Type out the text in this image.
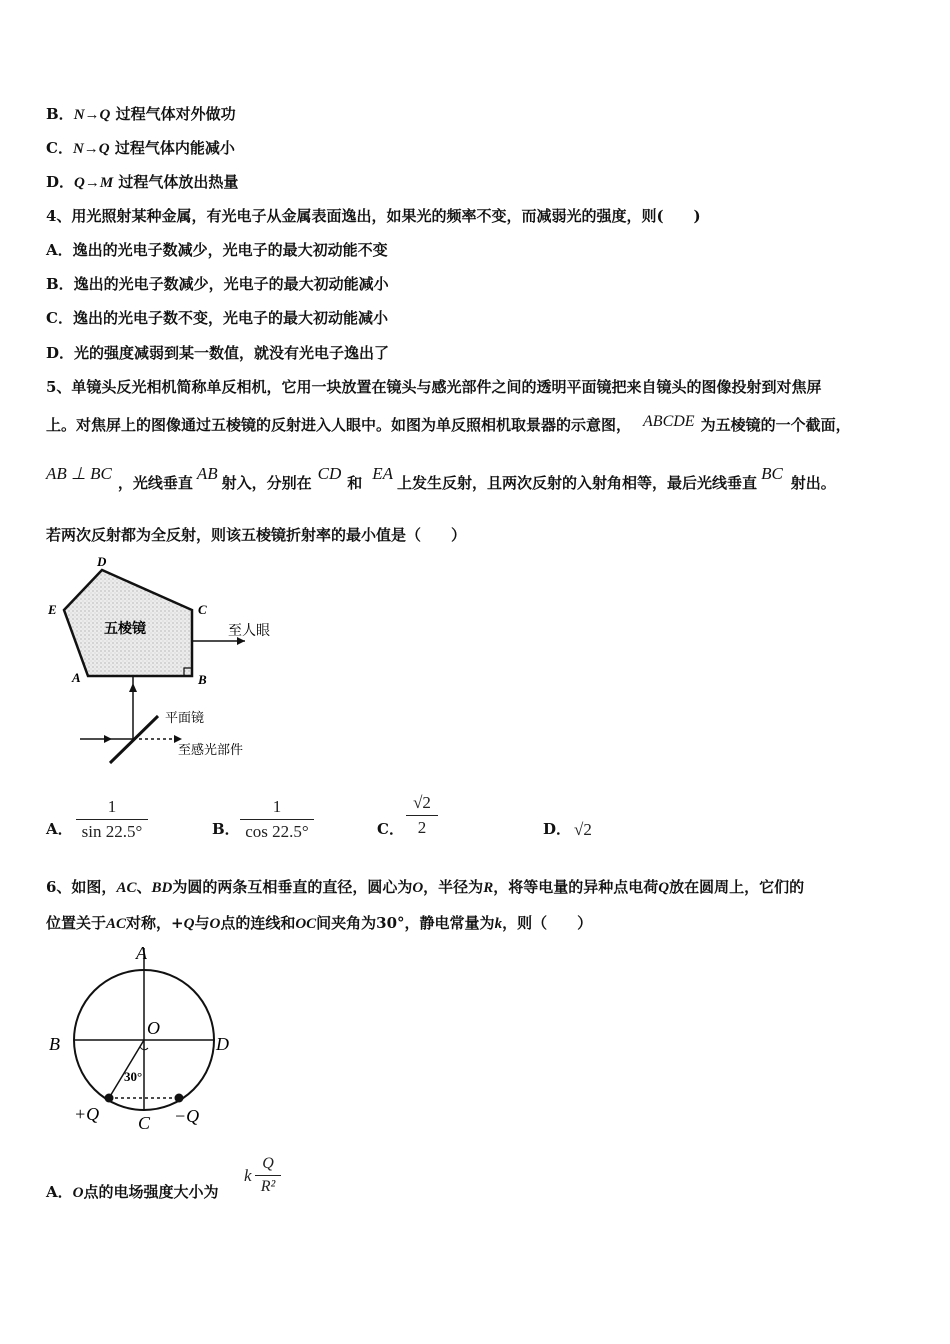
B．N→Q 过程气体对外做功
C．N→Q 过程气体内能减小
D．Q→M 过程气体放出热量
4、用光照射某种金属，有光电子从金属表面逸出，如果光的频率不变，而减弱光的强度，则(　　)
A．逸出的光电子数减少，光电子的最大初动能不变
B．逸出的光电子数减少，光电子的最大初动能减小
C．逸出的光电子数不变，光电子的最大初动能减小
D．光的强度减弱到某一数值，就没有光电子逸出了
5、单镜头反光相机简称单反相机，它用一块放置在镜头与感光部件之间的透明平面镜把来自镜头的图像投射到对焦屏
上。对焦屏上的图像通过五棱镜的反射进入人眼中。如图为单反照相机取景器的示意图， ABCDE 为五棱镜的一个截面，
AB ⊥ BC ，光线垂直 AB 射入，分别在 CD 和 EA 上发生反射，且两次反射的入射角相等，最后光线垂直 BC 射出。
若两次反射都为全反射，则该五棱镜折射率的最小值是（　　）
D
E	C
A	B
五棱镜	至人眼
平面镜
至感光部件
A． $\frac{1}{\sin 22.5^\circ}$	B． $\frac{1}{\cos 22.5^\circ}$	C． $\frac{√2}{2}$	D． √2
6、如图，AC、BD为圆的两条互相垂直的直径，圆心为O，半径为R，将等电量的异种点电荷Q放在圆周上，它们的
位置关于AC对称，+Q与O点的连线和OC间夹角为30°，静电常量为k，则（　　）
A
B	D
O
C
30°
+Q	−Q
A．O点的电场强度大小为
k $\frac{Q}{\text{R²}}$
